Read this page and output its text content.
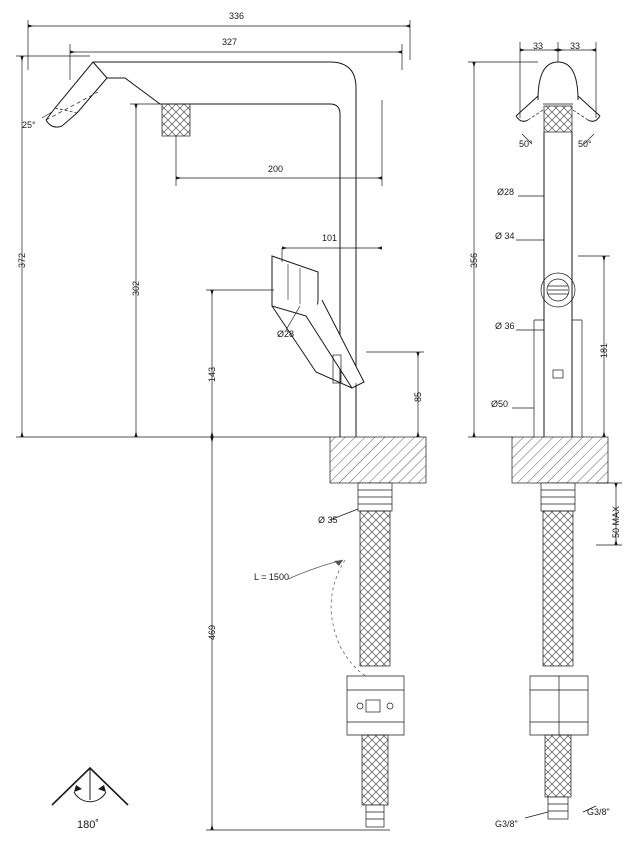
336
327
200
101
372
302
143
85
469
25°
Ø28
Ø 35
L = 1500
33	33
50°	50°
356
Ø28
Ø 34
Ø 36
Ø50
181
50 MAX
G3/8"
G3/8"
180˚
